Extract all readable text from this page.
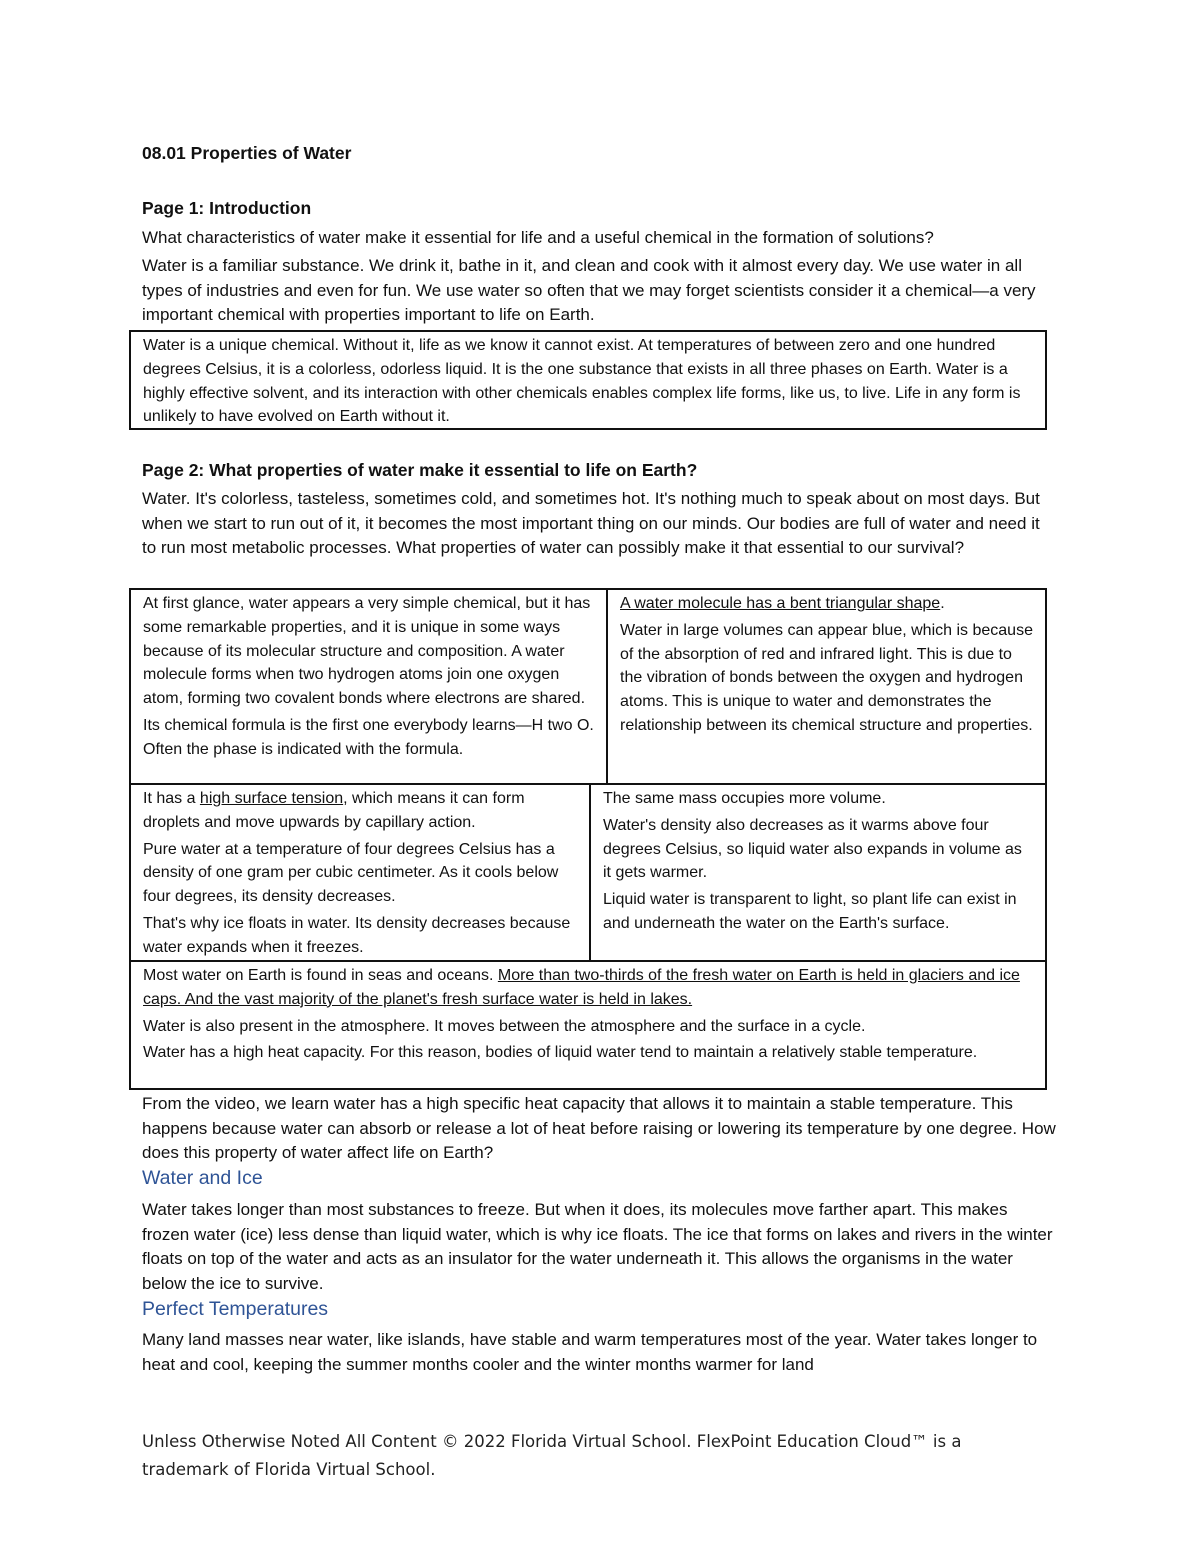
08.01 Properties of Water
Page 1: Introduction
What characteristics of water make it essential for life and a useful chemical in the formation of solutions?
Water is a familiar substance. We drink it, bathe in it, and clean and cook with it almost every day. We use water in all types of industries and even for fun. We use water so often that we may forget scientists consider it a chemical—a very important chemical with properties important to life on Earth.
Water is a unique chemical. Without it, life as we know it cannot exist. At temperatures of between zero and one hundred degrees Celsius, it is a colorless, odorless liquid. It is the one substance that exists in all three phases on Earth. Water is a highly effective solvent, and its interaction with other chemicals enables complex life forms, like us, to live. Life in any form is unlikely to have evolved on Earth without it.
Page 2: What properties of water make it essential to life on Earth?
Water. It's colorless, tasteless, sometimes cold, and sometimes hot. It's nothing much to speak about on most days. But when we start to run out of it, it becomes the most important thing on our minds. Our bodies are full of water and need it to run most metabolic processes. What properties of water can possibly make it that essential to our survival?

At first glance, water appears a very simple chemical, but it has some remarkable properties, and it is unique in some ways because of its molecular structure and composition. A water molecule forms when two hydrogen atoms join one oxygen atom, forming two covalent bonds where electrons are shared.

Its chemical formula is the first one everybody learns—H two O. Often the phase is indicated with the formula.

A water molecule has a bent triangular shape.

Water in large volumes can appear blue, which is because of the absorption of red and infrared light. This is due to the vibration of bonds between the oxygen and hydrogen atoms. This is unique to water and demonstrates the relationship between its chemical structure and properties.

It has a high surface tension, which means it can form droplets and move upwards by capillary action.

Pure water at a temperature of four degrees Celsius has a density of one gram per cubic centimeter. As it cools below four degrees, its density decreases.

That's why ice floats in water. Its density decreases because water expands when it freezes.

The same mass occupies more volume.

Water's density also decreases as it warms above four degrees Celsius, so liquid water also expands in volume as it gets warmer.

Liquid water is transparent to light, so plant life can exist in and underneath the water on the Earth's surface.

Most water on Earth is found in seas and oceans. More than two-thirds of the fresh water on Earth is held in glaciers and ice caps. And the vast majority of the planet's fresh surface water is held in lakes.

Water is also present in the atmosphere. It moves between the atmosphere and the surface in a cycle.

Water has a high heat capacity. For this reason, bodies of liquid water tend to maintain a relatively stable temperature.

From the video, we learn water has a high specific heat capacity that allows it to maintain a stable temperature. This happens because water can absorb or release a lot of heat before raising or lowering its temperature by one degree. How does this property of water affect life on Earth?
Water and Ice
Water takes longer than most substances to freeze. But when it does, its molecules move farther apart. This makes frozen water (ice) less dense than liquid water, which is why ice floats. The ice that forms on lakes and rivers in the winter floats on top of the water and acts as an insulator for the water underneath it. This allows the organisms in the water below the ice to survive.
Perfect Temperatures
Many land masses near water, like islands, have stable and warm temperatures most of the year. Water takes longer to heat and cool, keeping the summer months cooler and the winter months warmer for land
Unless Otherwise Noted All Content © 2022 Florida Virtual School. FlexPoint Education Cloud™ is a trademark of Florida Virtual School.
